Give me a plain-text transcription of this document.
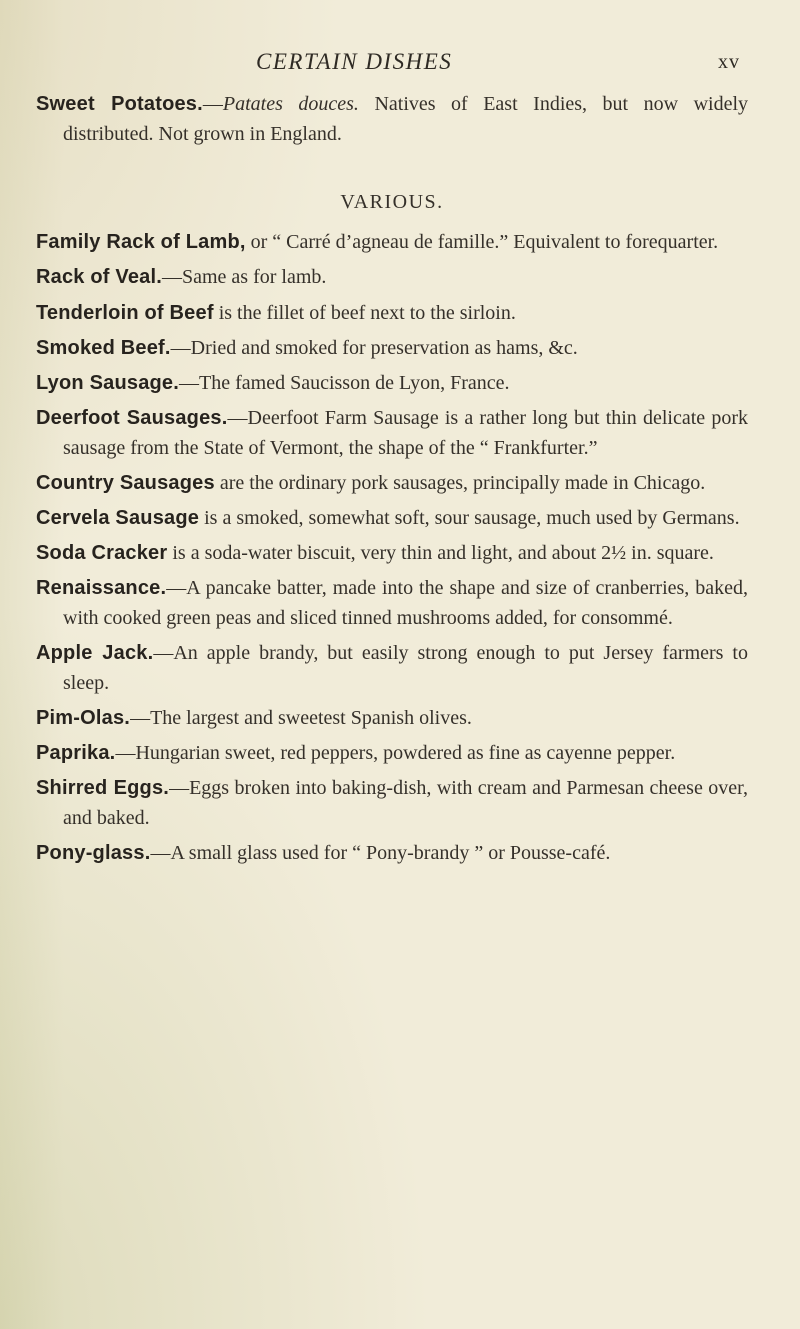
CERTAIN DISHES	xv

Sweet Potatoes.—Patates douces. Natives of East Indies, but now widely distributed. Not grown in England.

VARIOUS.

Family Rack of Lamb, or “ Carré d’agneau de famille.” Equivalent to forequarter.

Rack of Veal.—Same as for lamb.

Tenderloin of Beef is the fillet of beef next to the sirloin.

Smoked Beef.—Dried and smoked for preservation as hams, &c.

Lyon Sausage.—The famed Saucisson de Lyon, France.

Deerfoot Sausages.—Deerfoot Farm Sausage is a rather long but thin delicate pork sausage from the State of Vermont, the shape of the “ Frankfurter.”

Country Sausages are the ordinary pork sausages, principally made in Chicago.

Cervela Sausage is a smoked, somewhat soft, sour sausage, much used by Germans.

Soda Cracker is a soda-water biscuit, very thin and light, and about 2½ in. square.

Renaissance.—A pancake batter, made into the shape and size of cranberries, baked, with cooked green peas and sliced tinned mushrooms added, for consommé.

Apple Jack.—An apple brandy, but easily strong enough to put Jersey farmers to sleep.

Pim-Olas.—The largest and sweetest Spanish olives.

Paprika.—Hungarian sweet, red peppers, powdered as fine as cayenne pepper.

Shirred Eggs.—Eggs broken into baking-dish, with cream and Parmesan cheese over, and baked.

Pony-glass.—A small glass used for “ Pony-brandy ” or Pousse-café.
